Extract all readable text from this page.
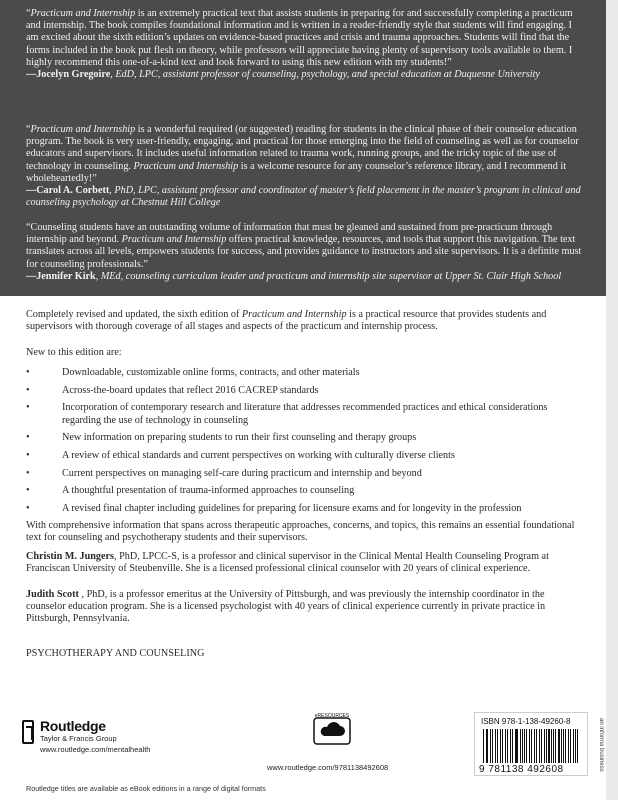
“Practicum and Internship is an extremely practical text that assists students in preparing for and successfully completing a practicum and internship. The book compiles foundational information and is written in a reader-friendly style that students will find engaging. I am excited about the sixth edition’s updates on evidence-based practices and crisis and trauma approaches. Students will find that the forms included in the book put flesh on theory, while professors will appreciate having plenty of supervisory tools available to them. I highly recommend this one-of-a-kind text and look forward to using this new edition with my students!”
—Jocelyn Gregoire, EdD, LPC, assistant professor of counseling, psychology, and special education at Duquesne University
“Practicum and Internship is a wonderful required (or suggested) reading for students in the clinical phase of their counselor education program. The book is very user-friendly, engaging, and practical for those emerging into the field of counseling as well as for counselor educators and supervisors. It includes useful information related to trauma work, running groups, and the tricky topic of the use of technology in counseling. Practicum and Internship is a welcome resource for any counselor’s reference library, and I recommend it wholeheartedly!”
—Carol A. Corbett, PhD, LPC, assistant professor and coordinator of master’s field placement in the master’s program in clinical and counseling psychology at Chestnut Hill College
“Counseling students have an outstanding volume of information that must be gleaned and sustained from pre-practicum through internship and beyond. Practicum and Internship offers practical knowledge, resources, and tools that support this navigation. The text translates across all levels, empowers students for success, and provides guidance to instructors and site supervisors. It is a definite must for counseling professionals.”
—Jennifer Kirk, MEd, counseling curriculum leader and practicum and internship site supervisor at Upper St. Clair High School
Completely revised and updated, the sixth edition of Practicum and Internship is a practical resource that provides students and supervisors with thorough coverage of all stages and aspects of the practicum and internship process.
New to this edition are:
•	Downloadable, customizable online forms, contracts, and other materials
•	Across-the-board updates that reflect 2016 CACREP standards
•	Incorporation of contemporary research and literature that addresses recommended practices and ethical considerations regarding the use of technology in counseling
•	New information on preparing students to run their first counseling and therapy groups
•	A review of ethical standards and current perspectives on working with culturally diverse clients
•	Current perspectives on managing self-care during practicum and internship and beyond
•	A thoughtful presentation of trauma-informed approaches to counseling
•	A revised final chapter including guidelines for preparing for licensure exams and for longevity in the profession
With comprehensive information that spans across therapeutic approaches, concerns, and topics, this remains an essential foundational text for counseling and psychotherapy students and their supervisors.
Christin M. Jungers, PhD, LPCC-S, is a professor and clinical supervisor in the Clinical Mental Health Counseling Program at Franciscan University of Steubenville. She is a licensed professional clinical counselor with 20 years of clinical experience.
Judith Scott , PhD, is a professor emeritus at the University of Pittsburgh, and was previously the internship coordinator in the counselor education program. She is a licensed psychologist with 40 years of clinical experience currently in private practice in Pittsburgh, Pennsylvania.
PSYCHOTHERAPY AND COUNSELING
Routledge
Taylor & Francis Group
www.routledge.com/mentalhealth
eRESOURCES
www.routledge.com/9781138492608
ISBN 978-1-138-49260-8
9 781138 492608	an informa business
Routledge titles are available as eBook editions in a range of digital formats
